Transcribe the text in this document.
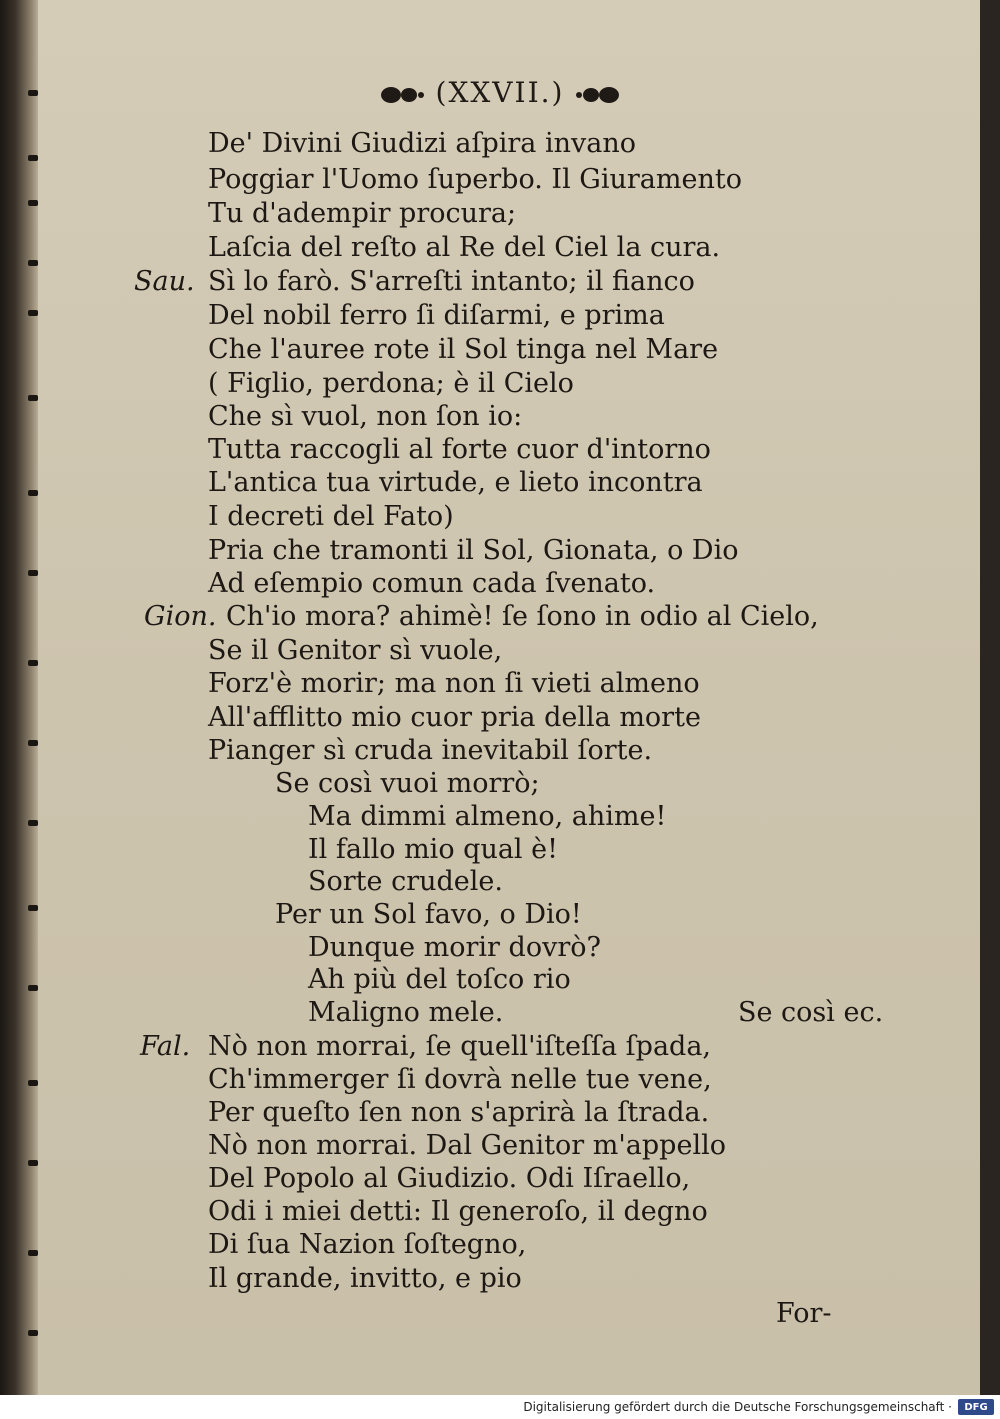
(XXVII.)
De' Divini Giudizi aſpira invano
Poggiar l'Uomo ſuperbo. Il Giuramento
Tu d'adempir procura;
Laſcia del reſto al Re del Ciel la cura.
Sau. Sì lo farò. S'arreſti intanto; il fianco
Del nobil ferro ſi diſarmi, e prima
Che l'auree rote il Sol tinga nel Mare
( Figlio, perdona; è il Cielo
Che sì vuol, non ſon io:
Tutta raccogli al forte cuor d'intorno
L'antica tua virtude, e lieto incontra
I decreti del Fato)
Pria che tramonti il Sol, Gionata, o Dio
Ad eſempio comun cada ſvenato.
Gion. Ch'io mora? ahimè! ſe ſono in odio al Cielo,
Se il Genitor sì vuole,
Forz'è morir; ma non ſi vieti almeno
All'afflitto mio cuor pria della morte
Pianger sì cruda inevitabil ſorte.
Se così vuoi morrò;
Ma dimmi almeno, ahime!
Il fallo mio qual è!
Sorte crudele.
Per un Sol favo, o Dio!
Dunque morir dovrò?
Ah più del toſco rio
Maligno mele.	Se così ec.
Fal. Nò non morrai, ſe quell'iſteſſa ſpada,
Ch'immerger ſi dovrà nelle tue vene,
Per queſto ſen non s'aprirà la ſtrada.
Nò non morrai. Dal Genitor m'appello
Del Popolo al Giudizio. Odi Iſraello,
Odi i miei detti: Il generoſo, il degno
Di ſua Nazion ſoſtegno,
Il grande, invitto, e pio
For-
Digitalisierung gefördert durch die Deutsche Forschungsgemeinschaft ·	DFG
